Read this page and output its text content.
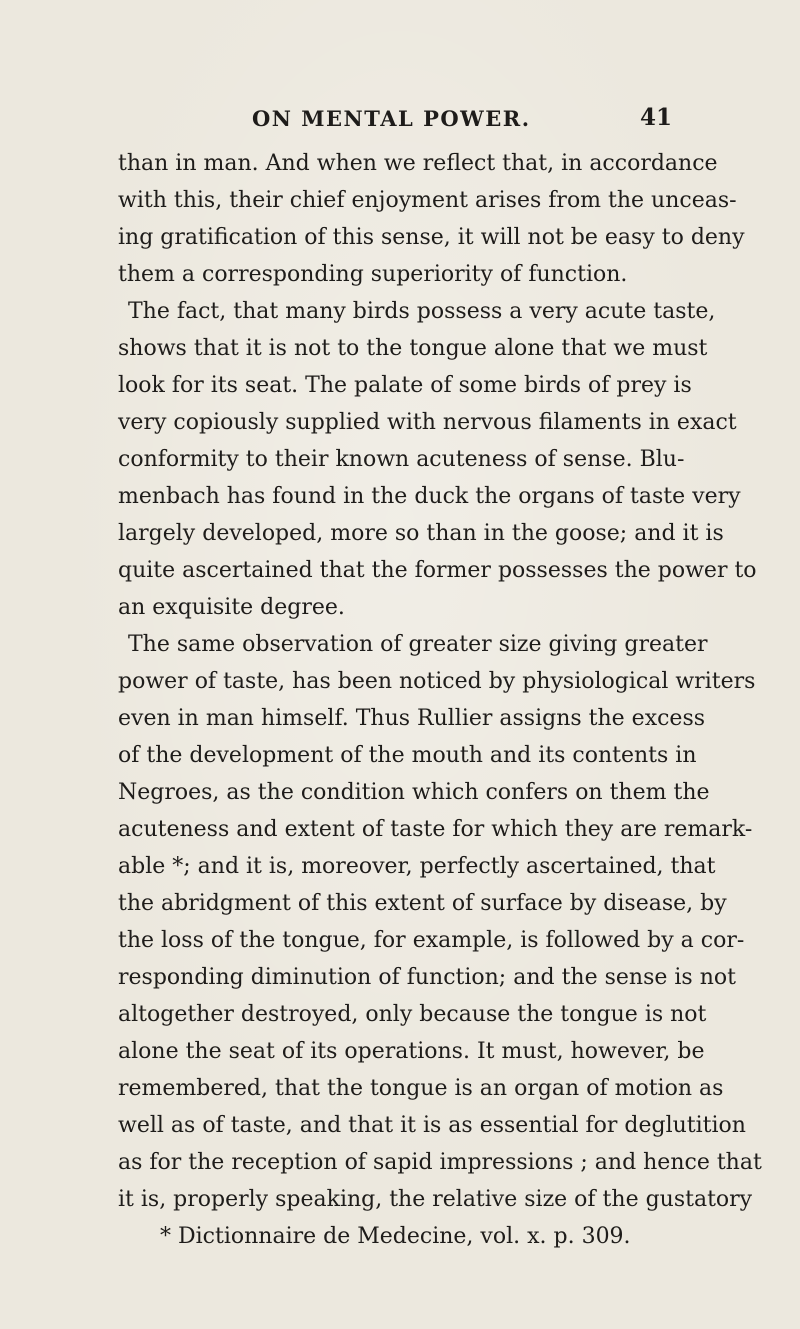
ON MENTAL POWER.	41
than in man. And when we reflect that, in accordance
with this, their chief enjoyment arises from the unceas-
ing gratification of this sense, it will not be easy to deny
them a corresponding superiority of function.
The fact, that many birds possess a very acute taste,
shows that it is not to the tongue alone that we must
look for its seat. The palate of some birds of prey is
very copiously supplied with nervous filaments in exact
conformity to their known acuteness of sense. Blu-
menbach has found in the duck the organs of taste very
largely developed, more so than in the goose; and it is
quite ascertained that the former possesses the power to
an exquisite degree.
The same observation of greater size giving greater
power of taste, has been noticed by physiological writers
even in man himself. Thus Rullier assigns the excess
of the development of the mouth and its contents in
Negroes, as the condition which confers on them the
acuteness and extent of taste for which they are remark-
able *; and it is, moreover, perfectly ascertained, that
the abridgment of this extent of surface by disease, by
the loss of the tongue, for example, is followed by a cor-
responding diminution of function; and the sense is not
altogether destroyed, only because the tongue is not
alone the seat of its operations. It must, however, be
remembered, that the tongue is an organ of motion as
well as of taste, and that it is as essential for deglutition
as for the reception of sapid impressions ; and hence that
it is, properly speaking, the relative size of the gustatory
* Dictionnaire de Medecine, vol. x. p. 309.
